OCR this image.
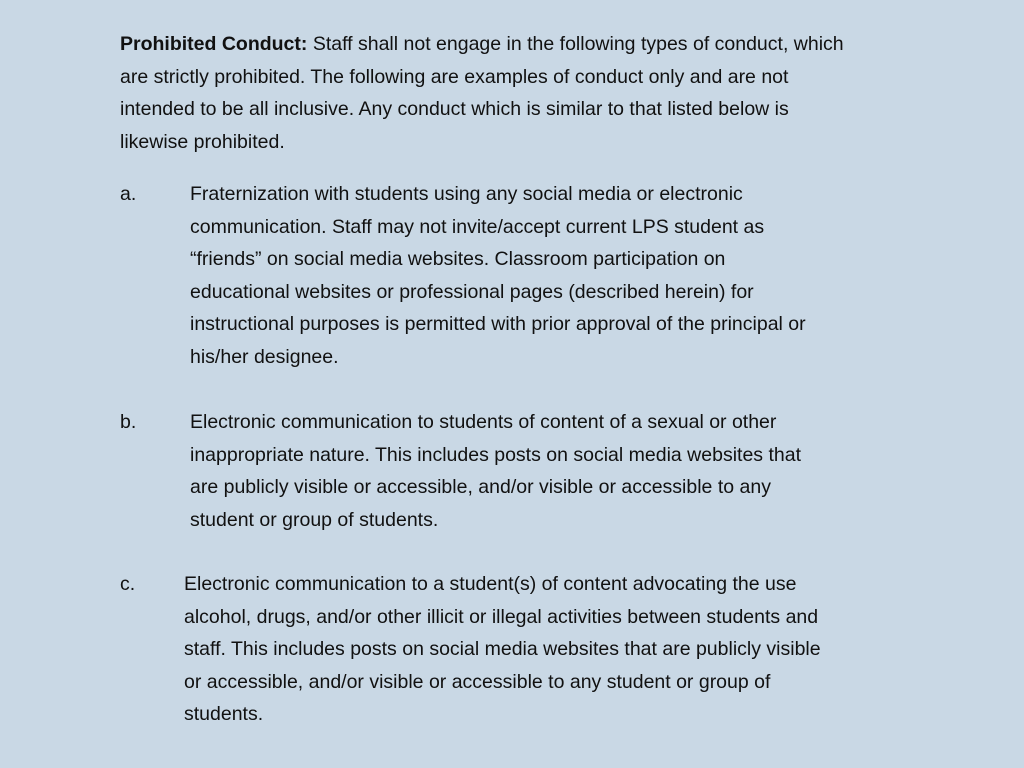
Prohibited Conduct: Staff shall not engage in the following types of conduct, which
are strictly prohibited. The following are examples of conduct only and are not
intended to be all inclusive. Any conduct which is similar to that listed below is
likewise prohibited.
a.	Fraternization with students using any social media or electronic
communication. Staff may not invite/accept current LPS student as
“friends” on social media websites. Classroom participation on
educational websites or professional pages (described herein) for
instructional purposes is permitted with prior approval of the principal or
his/her designee.
b.	Electronic communication to students of content of a sexual or other
inappropriate nature. This includes posts on social media websites that
are publicly visible or accessible, and/or visible or accessible to any
student or group of students.
c.	Electronic communication to a student(s) of content advocating the use
alcohol, drugs, and/or other illicit or illegal activities between students and
staff. This includes posts on social media websites that are publicly visible
or accessible, and/or visible or accessible to any student or group of
students.
